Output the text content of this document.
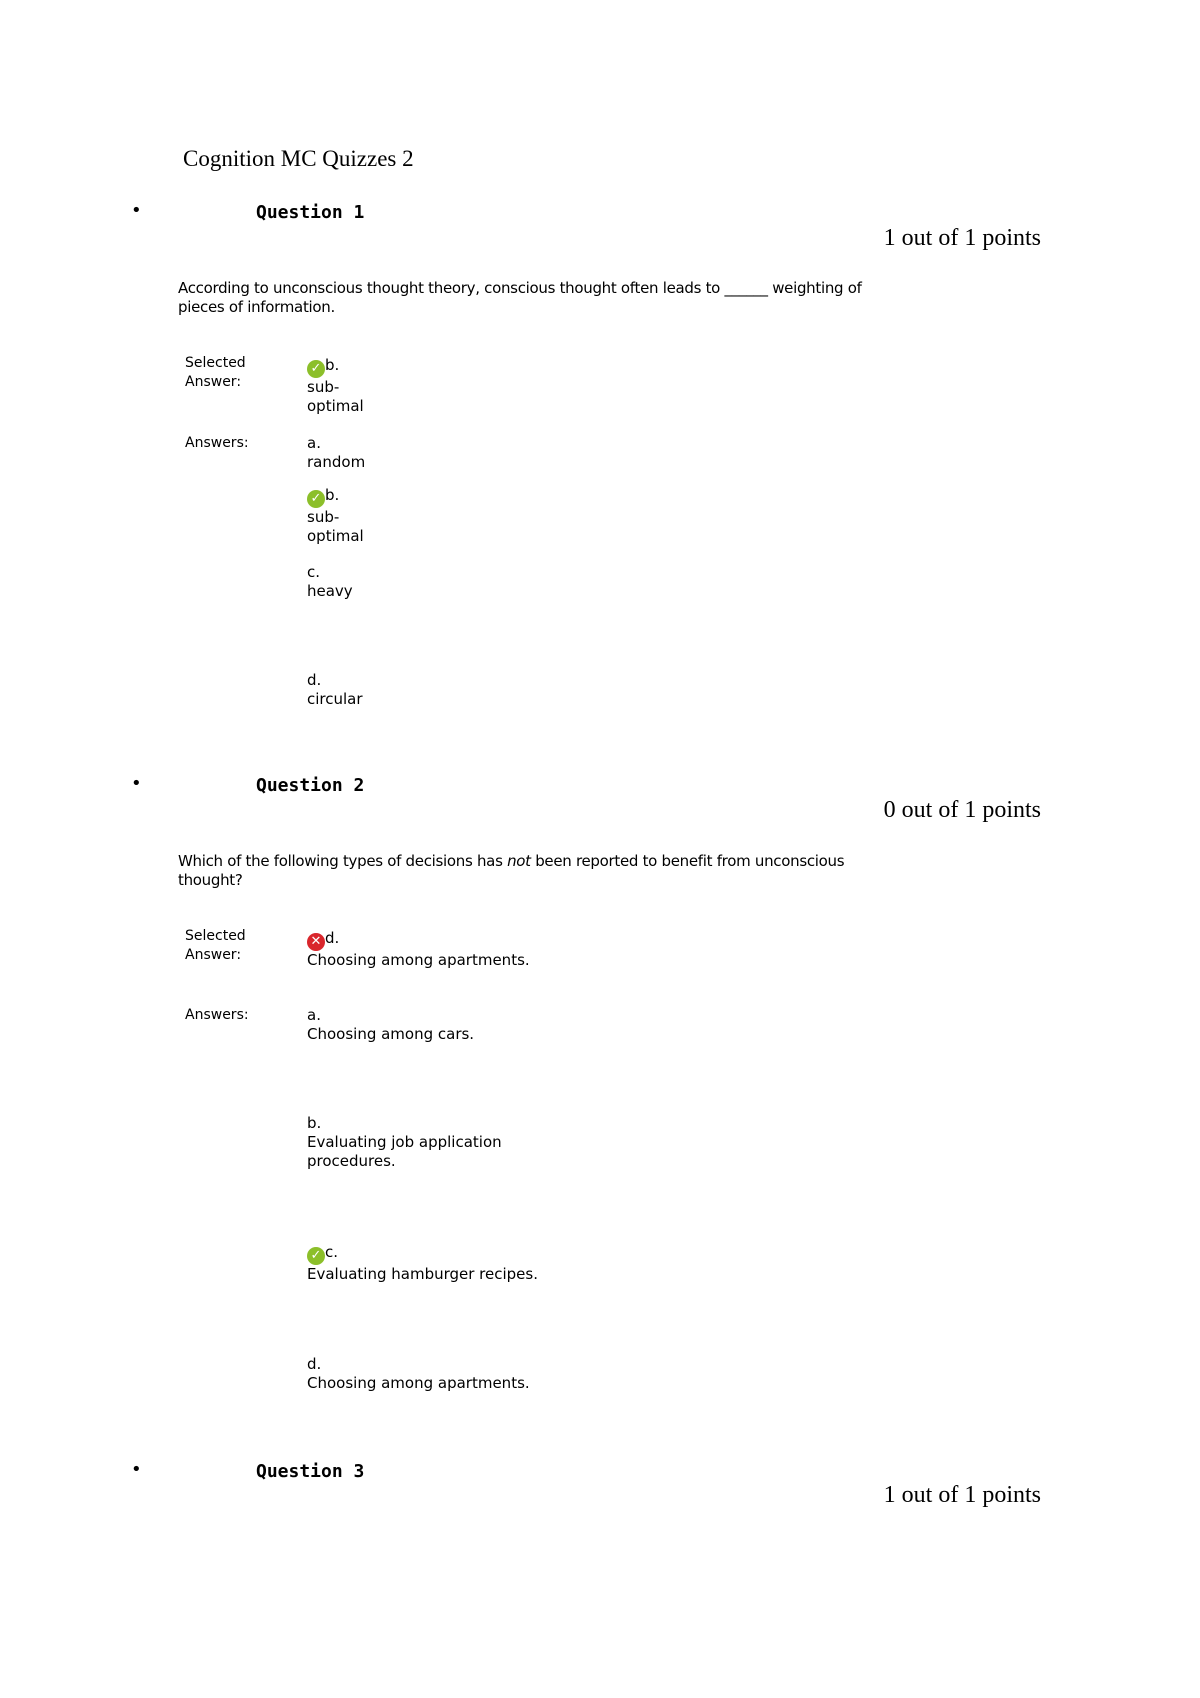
Cognition MC Quizzes 2
•	Question 1
1 out of 1 points
According to unconscious thought theory, conscious thought often leads to ______ weighting of
pieces of information.
Selected
Answer:
✓ b.
sub-
optimal
Answers:	a.
random
✓ b.
sub-
optimal
c.
heavy
d.
circular
•	Question 2
0 out of 1 points
Which of the following types of decisions has not been reported to benefit from unconscious
thought?
Selected
Answer:
✕ d.
Choosing among apartments.
Answers:	a.
Choosing among cars.
b.
Evaluating job application
procedures.
✓ c.
Evaluating hamburger recipes.
d.
Choosing among apartments.
•	Question 3
1 out of 1 points
